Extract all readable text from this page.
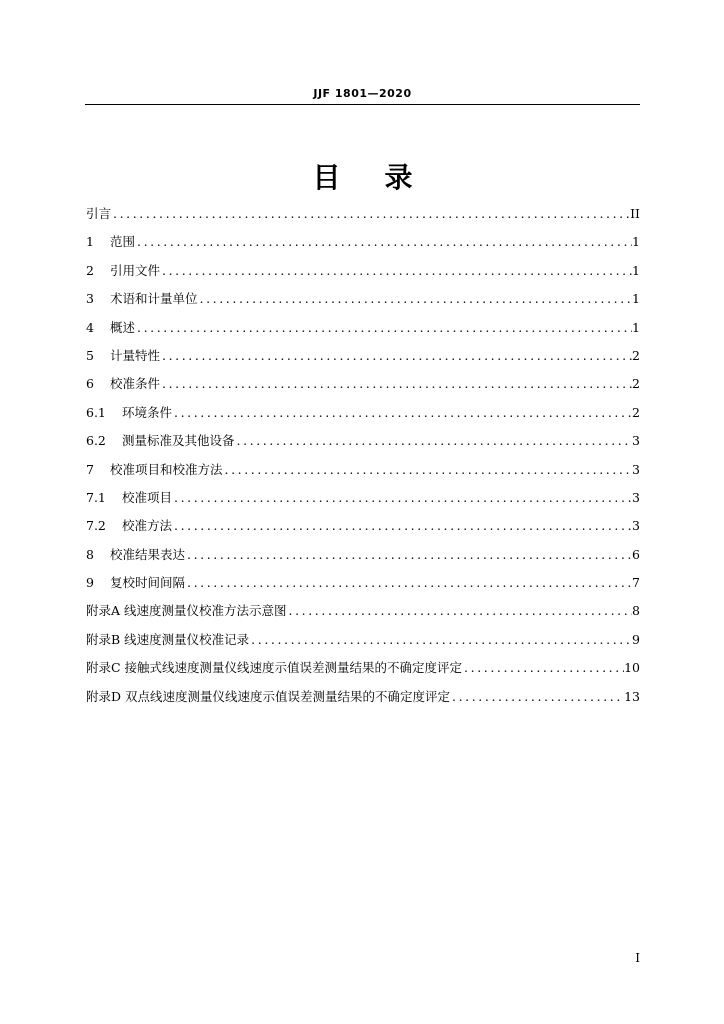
JJF 1801—2020
目录
引言 .....	II
1	范围 .....	1
2	引用文件 .....	1
3	术语和计量单位 .....	1
4	概述 .....	1
5	计量特性 .....	2
6	校准条件 .....	2
6.1	环境条件 .....	2
6.2	测量标准及其他设备 .....	3
7	校准项目和校准方法 .....	3
7.1	校准项目 .....	3
7.2	校准方法 .....	3
8	校准结果表达 .....	6
9	复校时间间隔 .....	7
附录A 线速度测量仪校准方法示意图 .....	8
附录B 线速度测量仪校准记录 .....	9
附录C 接触式线速度测量仪线速度示值误差测量结果的不确定度评定 .....	10
附录D 双点线速度测量仪线速度示值误差测量结果的不确定度评定 .....	13
I
